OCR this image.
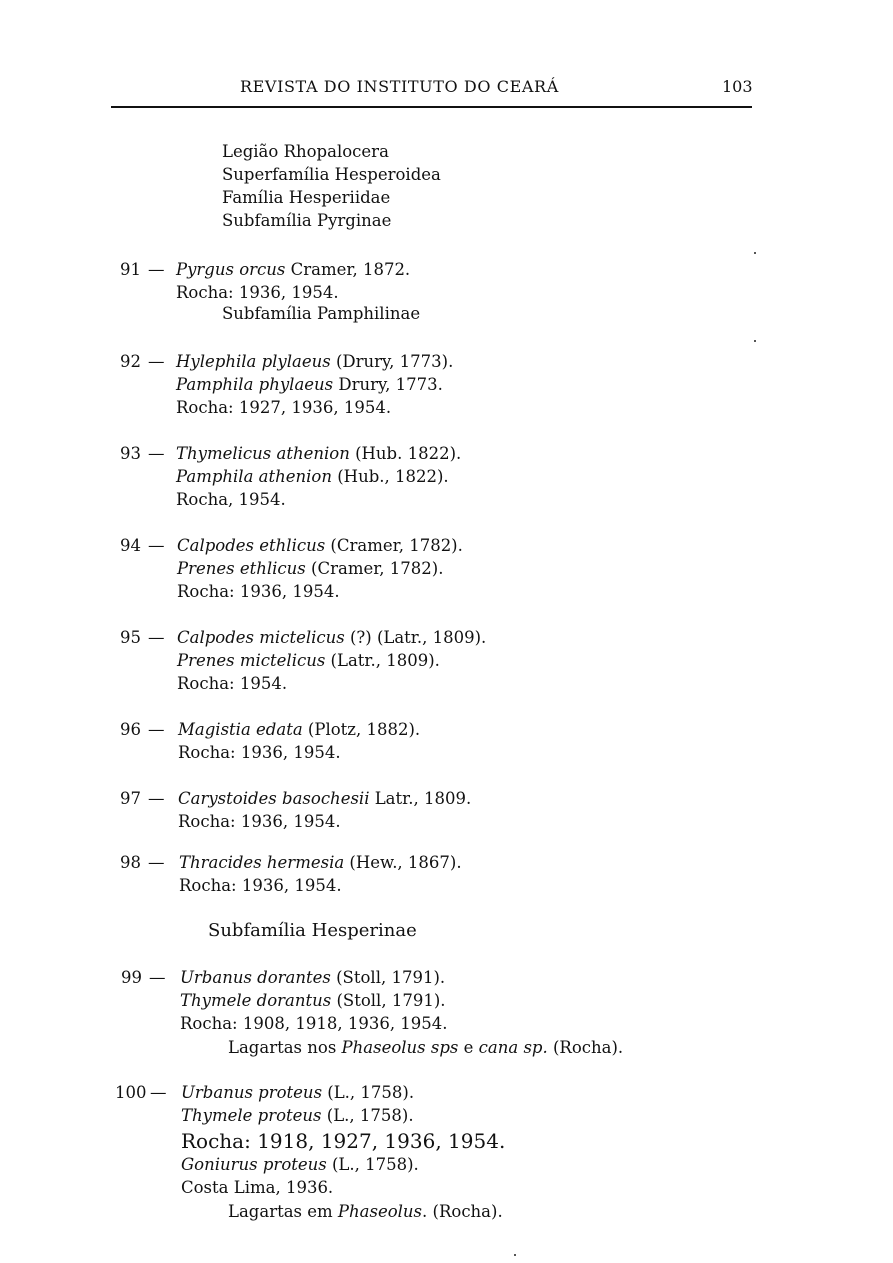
REVISTA DO INSTITUTO DO CEARÁ	103
Legião Rhopalocera
Superfamília Hesperoidea
Família Hesperiidae
Subfamília Pyrginae
91 — Pyrgus orcus Cramer, 1872.
Rocha: 1936, 1954.
Subfamília Pamphilinae
92 — Hylephila plylaeus (Drury, 1773).
Pamphila phylaeus Drury, 1773.
Rocha: 1927, 1936, 1954.
93 — Thymelicus athenion (Hub. 1822).
Pamphila athenion (Hub., 1822).
Rocha, 1954.
94 — Calpodes ethlicus (Cramer, 1782).
Prenes ethlicus (Cramer, 1782).
Rocha: 1936, 1954.
95 — Calpodes mictelicus (?) (Latr., 1809).
Prenes mictelicus (Latr., 1809).
Rocha: 1954.
96 — Magistia edata (Plotz, 1882).
Rocha: 1936, 1954.
97 — Carystoides basochesii Latr., 1809.
Rocha: 1936, 1954.
98 — Thracides hermesia (Hew., 1867).
Rocha: 1936, 1954.
Subfamília Hesperinae
99 — Urbanus dorantes (Stoll, 1791).
Thymele dorantus (Stoll, 1791).
Rocha: 1908, 1918, 1936, 1954.
Lagartas nos Phaseolus sps e cana sp. (Rocha).
100 — Urbanus proteus (L., 1758).
Thymele proteus (L., 1758).
Rocha: 1918, 1927, 1936, 1954.
Goniurus proteus (L., 1758).
Costa Lima, 1936.
Lagartas em Phaseolus. (Rocha).
